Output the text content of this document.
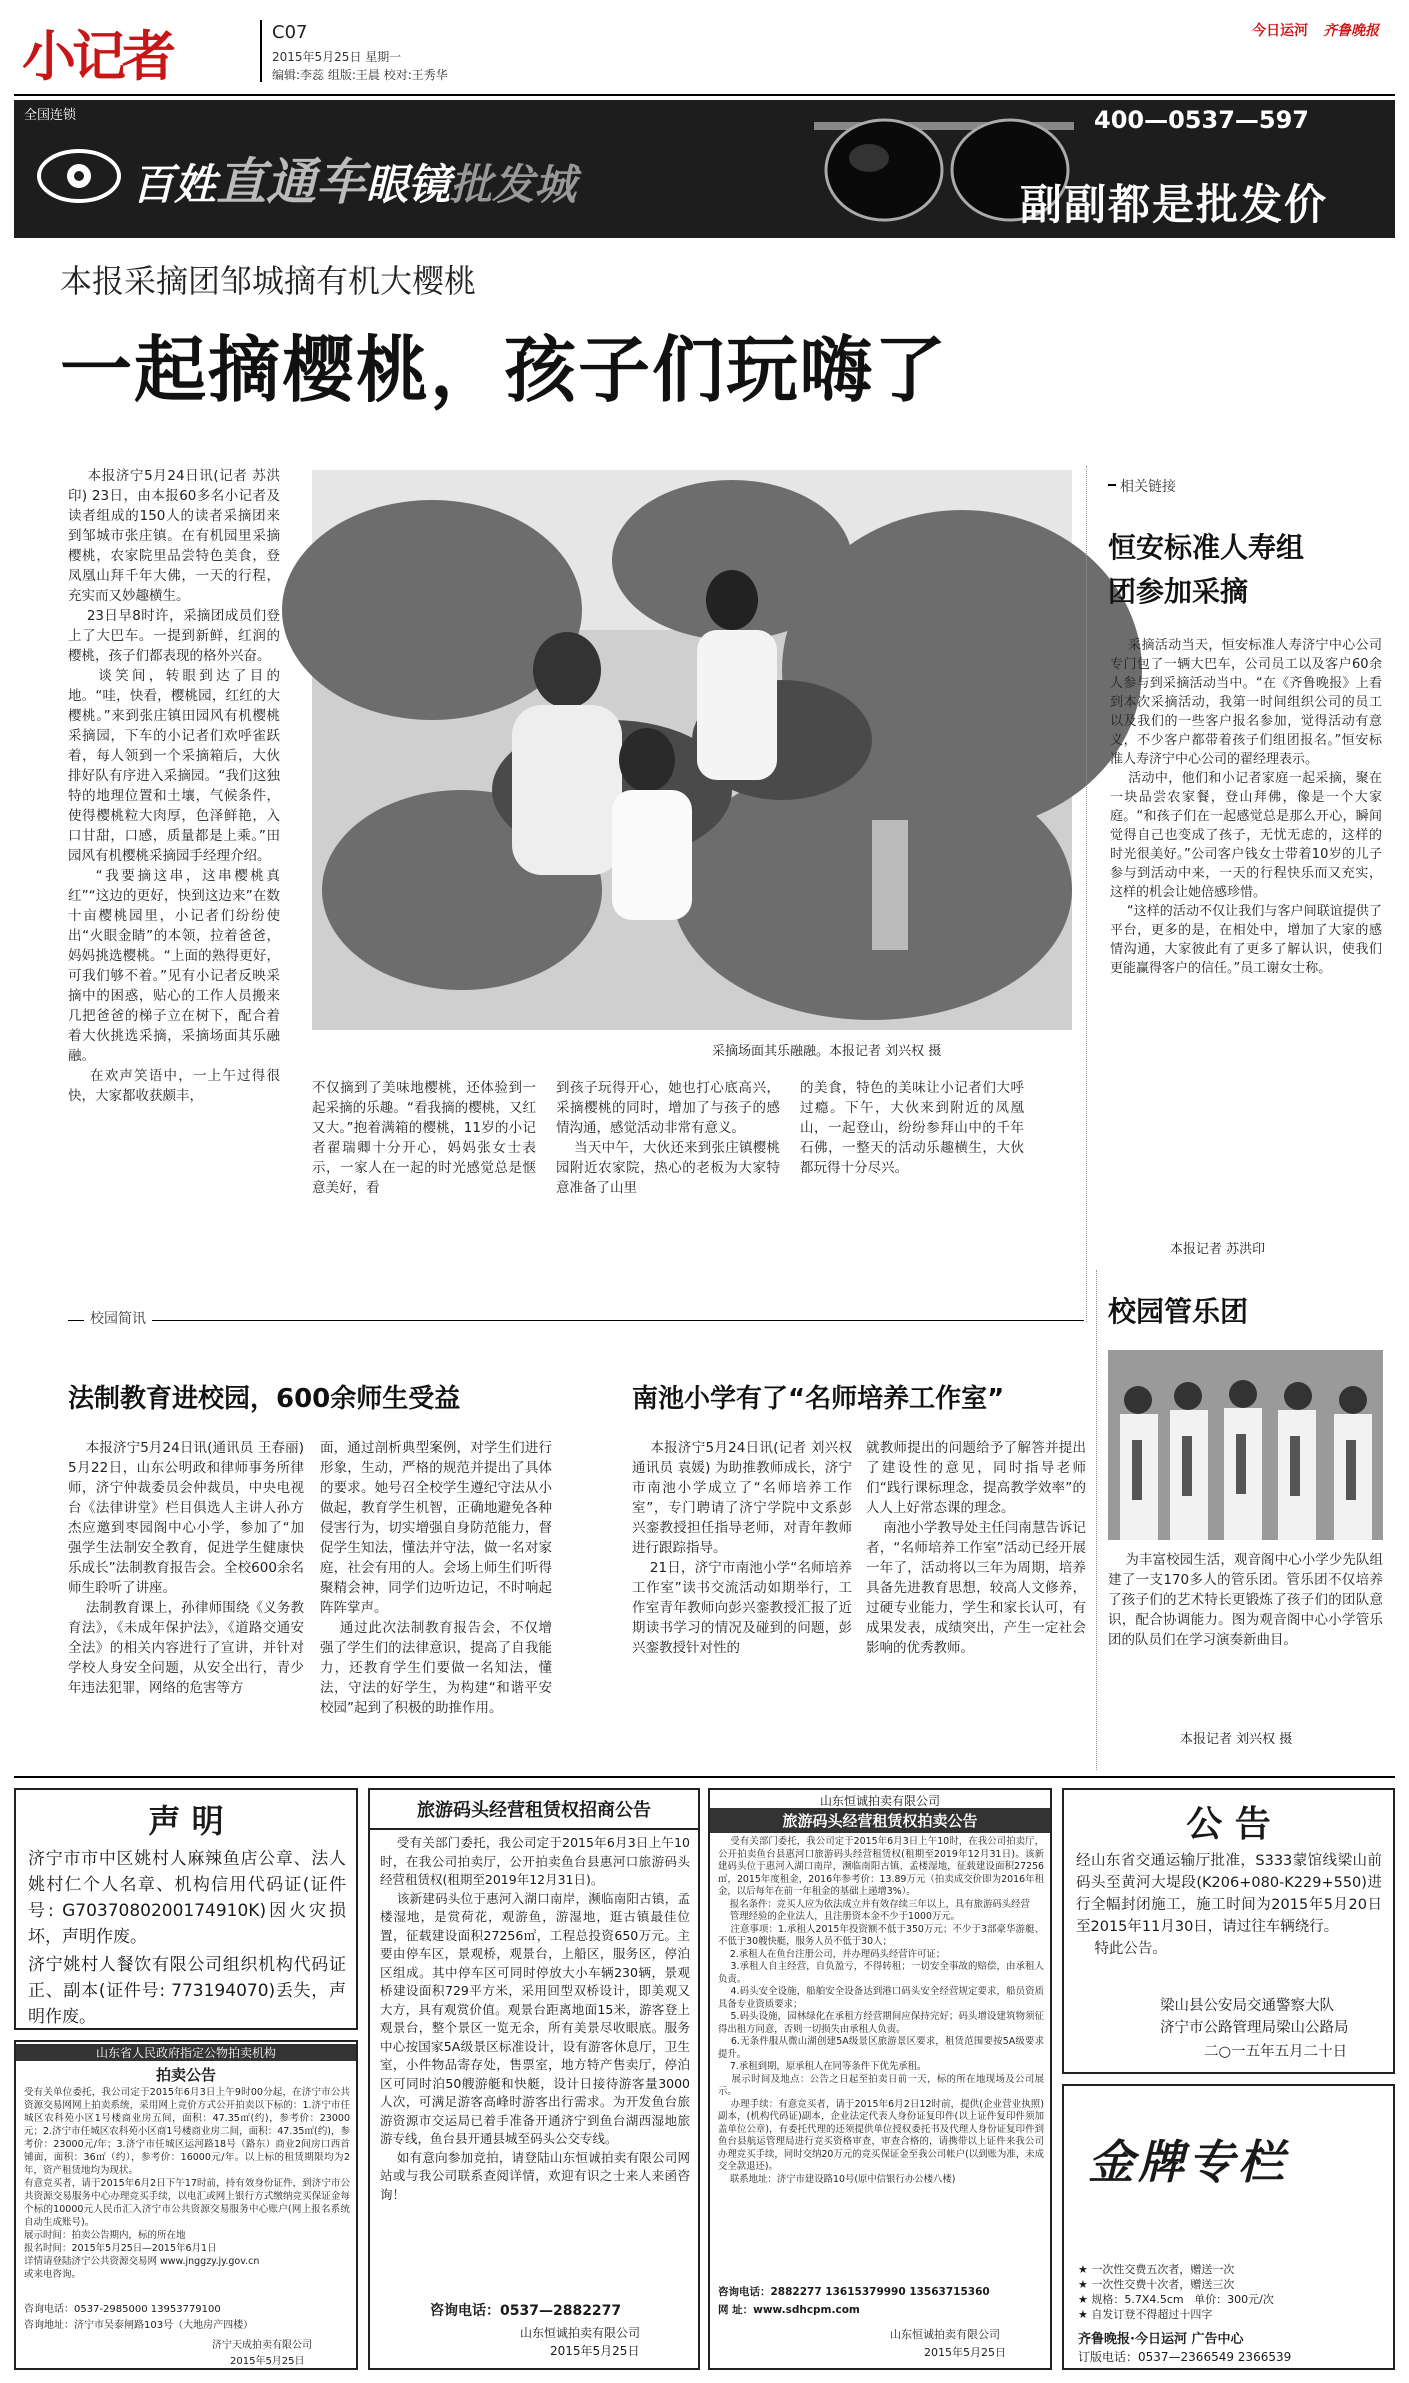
小记者	C07
2015年5月25日 星期一
编辑:李蕊 组版:王晨 校对:王秀华
今日运河 齐鲁晚报
全国连锁
百姓直通车眼镜批发城
400—0537—597
副副都是批发价
本报采摘团邹城摘有机大樱桃
一起摘樱桃，孩子们玩嗨了
本报济宁5月24日讯(记者 苏洪印) 23日，由本报60多名小记者及读者组成的150人的读者采摘团来到邹城市张庄镇。在有机园里采摘樱桃，农家院里品尝特色美食，登凤凰山拜千年大佛，一天的行程，充实而又妙趣横生。
23日早8时许，采摘团成员们登上了大巴车。一提到新鲜，红润的樱桃，孩子们都表现的格外兴奋。
谈笑间，转眼到达了目的地。“哇，快看，樱桃园，红红的大樱桃。”来到张庄镇田园风有机樱桃采摘园，下车的小记者们欢呼雀跃着，每人领到一个采摘箱后，大伙排好队有序进入采摘园。“我们这独特的地理位置和土壤，气候条件，使得樱桃粒大肉厚，色泽鲜艳，入口甘甜，口感，质量都是上乘。”田园风有机樱桃采摘园手经理介绍。
“我要摘这串，这串樱桃真红”“这边的更好，快到这边来”在数十亩樱桃园里，小记者们纷纷使出“火眼金睛”的本领，拉着爸爸，妈妈挑选樱桃。“上面的熟得更好，可我们够不着。”见有小记者反映采摘中的困惑，贴心的工作人员搬来几把爸爸的梯子立在树下，配合着着大伙挑选采摘，采摘场面其乐融融。
在欢声笑语中，一上午过得很快，大家都收获颇丰，
采摘场面其乐融融。本报记者 刘兴权 摄
不仅摘到了美味地樱桃，还体验到一起采摘的乐趣。“看我摘的樱桃，又红又大。”抱着满箱的樱桃，11岁的小记者翟瑞卿十分开心，妈妈张女士表示，一家人在一起的时光感觉总是惬意美好，看
到孩子玩得开心，她也打心底高兴，采摘樱桃的同时，增加了与孩子的感情沟通，感觉活动非常有意义。
当天中午，大伙还来到张庄镇樱桃园附近农家院，热心的老板为大家特意准备了山里
的美食，特色的美味让小记者们大呼过瘾。下午，大伙来到附近的凤凰山，一起登山，纷纷参拜山中的千年石佛，一整天的活动乐趣横生，大伙都玩得十分尽兴。
相关链接
恒安标准人寿组团参加采摘
采摘活动当天，恒安标准人寿济宁中心公司专门包了一辆大巴车，公司员工以及客户60余人参与到采摘活动当中。“在《齐鲁晚报》上看到本次采摘活动，我第一时间组织公司的员工以及我们的一些客户报名参加，觉得活动有意义，不少客户都带着孩子们组团报名。”恒安标准人寿济宁中心公司的翟经理表示。
活动中，他们和小记者家庭一起采摘，聚在一块品尝农家餐，登山拜佛，像是一个大家庭。“和孩子们在一起感觉总是那么开心，瞬间觉得自己也变成了孩子，无忧无虑的，这样的时光很美好。”公司客户钱女士带着10岁的儿子参与到活动中来，一天的行程快乐而又充实，这样的机会让她倍感珍惜。
“这样的活动不仅让我们与客户间联谊提供了平台，更多的是，在相处中，增加了大家的感情沟通，大家彼此有了更多了解认识，使我们更能赢得客户的信任。”员工谢女士称。
本报记者 苏洪印
校园简讯
法制教育进校园，600余师生受益
本报济宁5月24日讯(通讯员 王春丽) 5月22日，山东公明政和律师事务所律师，济宁仲裁委员会仲裁员，中央电视台《法律讲堂》栏目俱选人主讲人孙方杰应邀到枣园阁中心小学，参加了“加强学生法制安全教育，促进学生健康快乐成长”法制教育报告会。全校600余名师生聆听了讲座。
法制教育课上，孙律师围绕《义务教育法》，《未成年保护法》，《道路交通安全法》的相关内容进行了宣讲，并针对学校人身安全问题，从安全出行，青少年违法犯罪，网络的危害等方
面，通过剖析典型案例，对学生们进行形象，生动，严格的规范并提出了具体的要求。她号召全校学生遵纪守法从小做起，教育学生机智，正确地避免各种侵害行为，切实增强自身防范能力，督促学生知法，懂法并守法，做一名对家庭，社会有用的人。会场上师生们听得聚精会神，同学们边听边记，不时响起阵阵掌声。
通过此次法制教育报告会，不仅增强了学生们的法律意识，提高了自我能力，还教育学生们要做一名知法，懂法，守法的好学生，为构建“和谐平安校园”起到了积极的助推作用。
南池小学有了“名师培养工作室”
本报济宁5月24日讯(记者 刘兴权 通讯员 袁媛) 为助推教师成长，济宁市南池小学成立了“名师培养工作室”，专门聘请了济宁学院中文系彭兴銮教授担任指导老师，对青年教师进行跟踪指导。
21日，济宁市南池小学“名师培养工作室”读书交流活动如期举行，工作室青年教师向彭兴銮教授汇报了近期读书学习的情况及碰到的问题，彭兴銮教授针对性的
就教师提出的问题给予了解答并提出了建设性的意见，同时指导老师们“践行课标理念，提高教学效率”的人人上好常态课的理念。
南池小学教导处主任闫南慧告诉记者，“名师培养工作室”活动已经开展一年了，活动将以三年为周期，培养具备先进教育思想，较高人文修养，过硬专业能力，学生和家长认可，有成果发表，成绩突出，产生一定社会影响的优秀教师。
校园管乐团
为丰富校园生活，观音阁中心小学少先队组建了一支170多人的管乐团。管乐团不仅培养了孩子们的艺术特长更锻炼了孩子们的团队意识，配合协调能力。图为观音阁中心小学管乐团的队员们在学习演奏新曲目。
本报记者 刘兴权 摄
声 明
济宁市市中区姚村人麻辣鱼店公章、法人姚村仁个人名章、机构信用代码证(证件号: G7037080200174910K)因火灾损坏，声明作废。
济宁姚村人餐饮有限公司组织机构代码证正、副本(证件号: 773194070)丢失，声明作废。
山东省人民政府指定公物拍卖机构
拍卖公告
受有关单位委托，我公司定于2015年6月3日上午9时00分起，在济宁市公共资源交易网网上拍卖系统，采用网上竞价方式公开拍卖以下标的：1.济宁市任城区农科苑小区1号楼商业房五间，面积：47.35㎡(约)，参考价：23000元；2.济宁市任城区农科苑小区商1号楼商业房二间，面积：47.35㎡(约)，参考价：23000元/年；3.济宁市任城区运河路18号（路东）商业2间房口西首铺面，面积：36㎡（约），参考价：16000元/年。以上标的租赁期限均为2年，资产租赁地均为现状。
有意竞买者，请于2015年6月2日下午17时前，持有效身份证件，到济宁市公共资源交易服务中心办理竞买手续，以电汇或网上银行方式缴纳竞买保证金每个标的10000元人民币汇入济宁市公共资源交易服务中心账户(网上报名系统自动生成账号)。
展示时间：拍卖公告期内，标的所在地
报名时间：2015年5月25日—2015年6月1日
详情请登陆济宁公共资源交易网 www.jnggzy.jy.gov.cn
或来电咨询。
咨询电话：0537-2985000 13953779100
咨询地址：济宁市吴泰闸路103号（大地房产四楼）
济宁天成拍卖有限公司
2015年5月25日
旅游码头经营租赁权招商公告
受有关部门委托，我公司定于2015年6月3日上午10时，在我公司拍卖厅，公开拍卖鱼台县惠河口旅游码头经营租赁权(租期至2019年12月31日)。
该新建码头位于惠河入湖口南岸，濒临南阳古镇，孟楼湿地，是赏荷花，观游鱼，游湿地，逛古镇最佳位置，征载建设面积27256㎡，工程总投资650万元。主要由停车区，景观桥，观景台，上船区，服务区，停泊区组成。其中停车区可同时停放大小车辆230辆，景观桥建设面积729平方米，采用回型双桥设计，即美观又大方，具有观赏价值。观景台距离地面15米，游客登上观景台，整个景区一览无余，所有美景尽收眼底。服务中心按国家5A级景区标准设计，设有游客休息厅，卫生室，小件物品寄存处，售票室，地方特产售卖厅，停泊区可同时泊50艘游艇和快艇，设计日接待游客量3000人次，可满足游客高峰时游客出行需求。为开发鱼台旅游资源市交运局已着手准备开通济宁到鱼台湖西湿地旅游专线，鱼台县开通县城至码头公交专线。
如有意向参加竞拍，请登陆山东恒诚拍卖有限公司网站或与我公司联系查阅详情，欢迎有识之士来人来函咨询！
咨询电话：0537—2882277
山东恒诚拍卖有限公司
2015年5月25日
山东恒诚拍卖有限公司
旅游码头经营租赁权拍卖公告
受有关部门委托，我公司定于2015年6月3日上午10时，在我公司拍卖厅，公开拍卖鱼台县惠河口旅游码头经营租赁权(租期至2019年12月31日)。该新建码头位于惠河入湖口南岸，濒临南阳古镇、孟楼湿地，征载建设面积27256㎡，2015年度租金，2016年参考价：13.89万元（拍卖成交价即为2016年租金，以后每年在前一年租金的基础上递增3%）。
报名条件：竞买人应为依法成立并有效存续三年以上，具有旅游码头经营
管理经验的企业法人，且注册资本金不少于1000万元。
注意事项：1.承租人2015年投资额不低于350万元；不少于3部豪华游艇、不低于30艘快艇，服务人员不低于30人；
2.承租人在鱼台注册公司，并办理码头经营许可证；
3.承租人自主经营，自负盈亏，不得转租；一切安全事故的赔偿，由承租人负责。
4.码头安全设施，船舶安全设备达到港口码头安全经营规定要求，船员资质具备专业资质要求；
5.码头设施，园林绿化在承租方经营期间应保持完好；码头增设建筑物须征得出租方同意，否则一切损失由承租人负责。
6.无条件服从微山湖创建5A级景区旅游景区要求，租赁范围要按5A级要求提升。
7.承租到期，原承租人在同等条件下优先承租。
展示时间及地点：公告之日起至拍卖日前一天，标的所在地现场及公司展示。
办理手续：有意竞买者，请于2015年6月2日12时前，提供(企业营业执照)副本，(机构代码证)副本，企业法定代表人身份证复印件(以上证件复印件须加盖单位公章)，有委托代理的还须提供单位授权委托书及代理人身份证复印件到鱼台县航运管理局进行竞买资格审查，审查合格的，请携带以上证件来我公司办理竞买手续，同时交纳20万元的竞买保证金至我公司帐户(以到账为准，未成交全款退还)。
联系地址：济宁市建设路10号(原中信银行办公楼八楼)
咨询电话：2882277 13615379990 13563715360
网 址：www.sdhcpm.com
山东恒诚拍卖有限公司
2015年5月25日
公 告
经山东省交通运输厅批准，S333蒙馆线梁山前码头至黄河大堤段(K206+080-K229+550)进行全幅封闭施工，施工时间为2015年5月20日至2015年11月30日，请过往车辆绕行。
特此公告。
梁山县公安局交通警察大队
济宁市公路管理局梁山公路局
二○一五年五月二十日
金牌专栏
★ 一次性交费五次者，赠送一次
★ 一次性交费十次者，赠送三次
★ 规格：5.7X4.5cm   单价：300元/次
★ 自发订登不得超过十四字
齐鲁晚报·今日运河 广告中心
订版电话：0537—2366549 2366539
